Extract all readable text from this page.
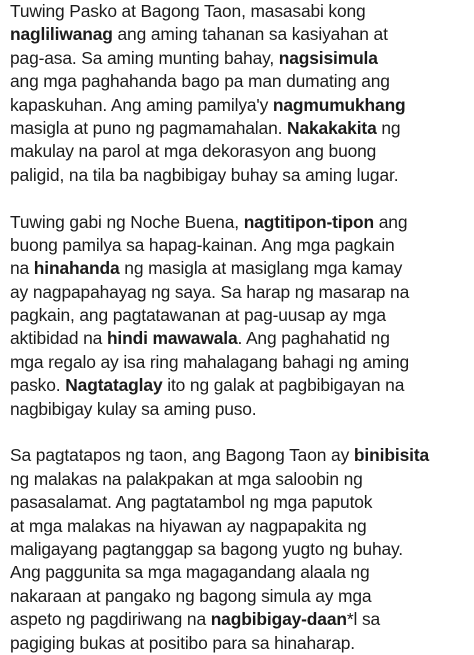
Tuwing Pasko at Bagong Taon, masasabi kong
nagliliwanag ang aming tahanan sa kasiyahan at
pag-asa. Sa aming munting bahay, nagsisimula
ang mga paghahanda bago pa man dumating ang
kapaskuhan. Ang aming pamilya'y nagmumukhang
masigla at puno ng pagmamahalan. Nakakakita ng
makulay na parol at mga dekorasyon ang buong
paligid, na tila ba nagbibigay buhay sa aming lugar.
Tuwing gabi ng Noche Buena, nagtitipon-tipon ang
buong pamilya sa hapag-kainan. Ang mga pagkain
na hinahanda ng masigla at masiglang mga kamay
ay nagpapahayag ng saya. Sa harap ng masarap na
pagkain, ang pagtatawanan at pag-uusap ay mga
aktibidad na hindi mawawala. Ang paghahatid ng
mga regalo ay isa ring mahalagang bahagi ng aming
pasko. Nagtataglay ito ng galak at pagbibigayan na
nagbibigay kulay sa aming puso.
Sa pagtatapos ng taon, ang Bagong Taon ay binibisita
ng malakas na palakpakan at mga saloobin ng
pasasalamat. Ang pagtatambol ng mga paputok
at mga malakas na hiyawan ay nagpapakita ng
maligayang pagtanggap sa bagong yugto ng buhay.
Ang paggunita sa mga magagandang alaala ng
nakaraan at pangako ng bagong simula ay mga
aspeto ng pagdiriwang na nagbibigay-daan*l sa
pagiging bukas at positibo para sa hinaharap.
